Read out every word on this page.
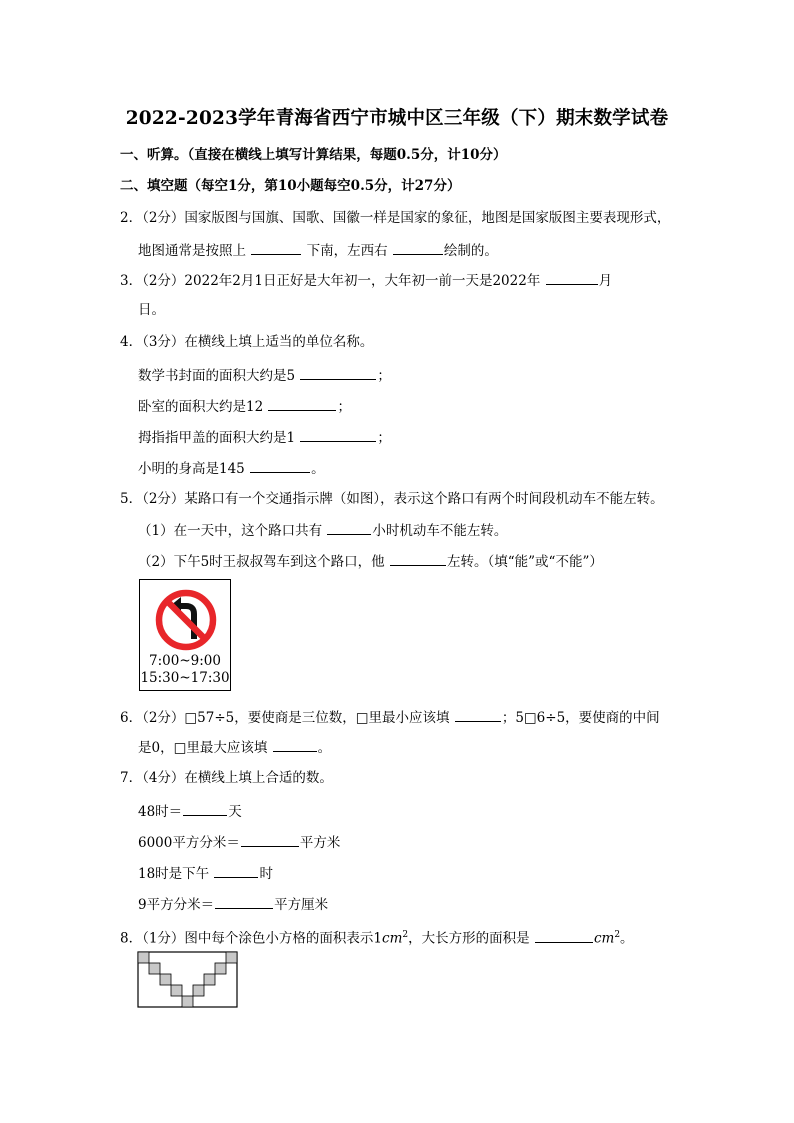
2022-2023学年青海省西宁市城中区三年级（下）期末数学试卷
一、听算。（直接在横线上填写计算结果，每题0.5分，计10分）
二、填空题（每空1分，第10小题每空0.5分，计27分）
2．（2分）国家版图与国旗、国歌、国徽一样是国家的象征，地图是国家版图主要表现形式，
地图通常是按照上	下南，左西右	绘制的。
3．（2分）2022年2月1日正好是大年初一，大年初一前一天是2022年	月
日。
4．（3分）在横线上填上适当的单位名称。
数学书封面的面积大约是5	；
卧室的面积大约是12	；
拇指指甲盖的面积大约是1	；
小明的身高是145	。
5．（2分）某路口有一个交通指示牌（如图），表示这个路口有两个时间段机动车不能左转。
（1）在一天中，这个路口共有	小时机动车不能左转。
（2）下午5时王叔叔驾车到这个路口，他	左转。（填“能”或“不能”）
7:00~9:00
15:30~17:30
6．（2分）□57÷5，要使商是三位数，□里最小应该填	；5□6÷5，要使商的中间
是0，□里最大应该填	。
7．（4分）在横线上填上合适的数。
48时＝	天
6000平方分米＝	平方米
18时是下午	时
9平方分米＝	平方厘米
8．（1分）图中每个涂色小方格的面积表示$1cm^2$，大长方形的面积是	$cm^2$。
